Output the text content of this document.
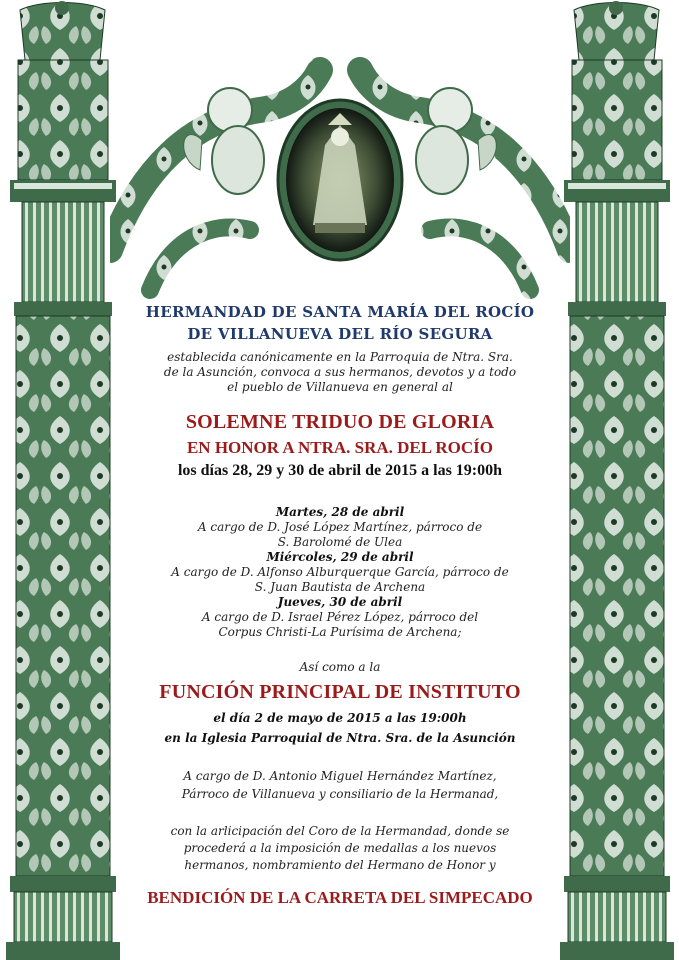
HERMANDAD DE SANTA MARÍA DEL ROCÍO
DE VILLANUEVA DEL RÍO SEGURA
establecida canónicamente en la Parroquia de Ntra. Sra.
de la Asunción, convoca a sus hermanos, devotos y a todo
el pueblo de Villanueva en general al
SOLEMNE TRIDUO DE GLORIA
EN HONOR A NTRA. SRA. DEL ROCÍO
los días 28, 29 y 30 de abril de 2015 a las 19:00h
Martes, 28 de abril
A cargo de D. José López Martínez, párroco de
S. Barolomé de Ulea
Miércoles, 29 de abril
A cargo de D. Alfonso Alburquerque García, párroco de
S. Juan Bautista de Archena
Jueves, 30 de abril
A cargo de D. Israel Pérez López, párroco del
Corpus Christi-La Purísima de Archena;
Así como a la
FUNCIÓN PRINCIPAL DE INSTITUTO
el día 2 de mayo de 2015 a las 19:00h
en la Iglesia Parroquial de Ntra. Sra. de la Asunción
A cargo de D. Antonio Miguel Hernández Martínez,
Párroco de Villanueva y consiliario de la Hermanad,
con la arlicipación del Coro de la Hermandad, donde se
procederá a la imposición de medallas a los nuevos
hermanos, nombramiento del Hermano de Honor y
BENDICIÓN DE LA CARRETA DEL SIMPECADO
